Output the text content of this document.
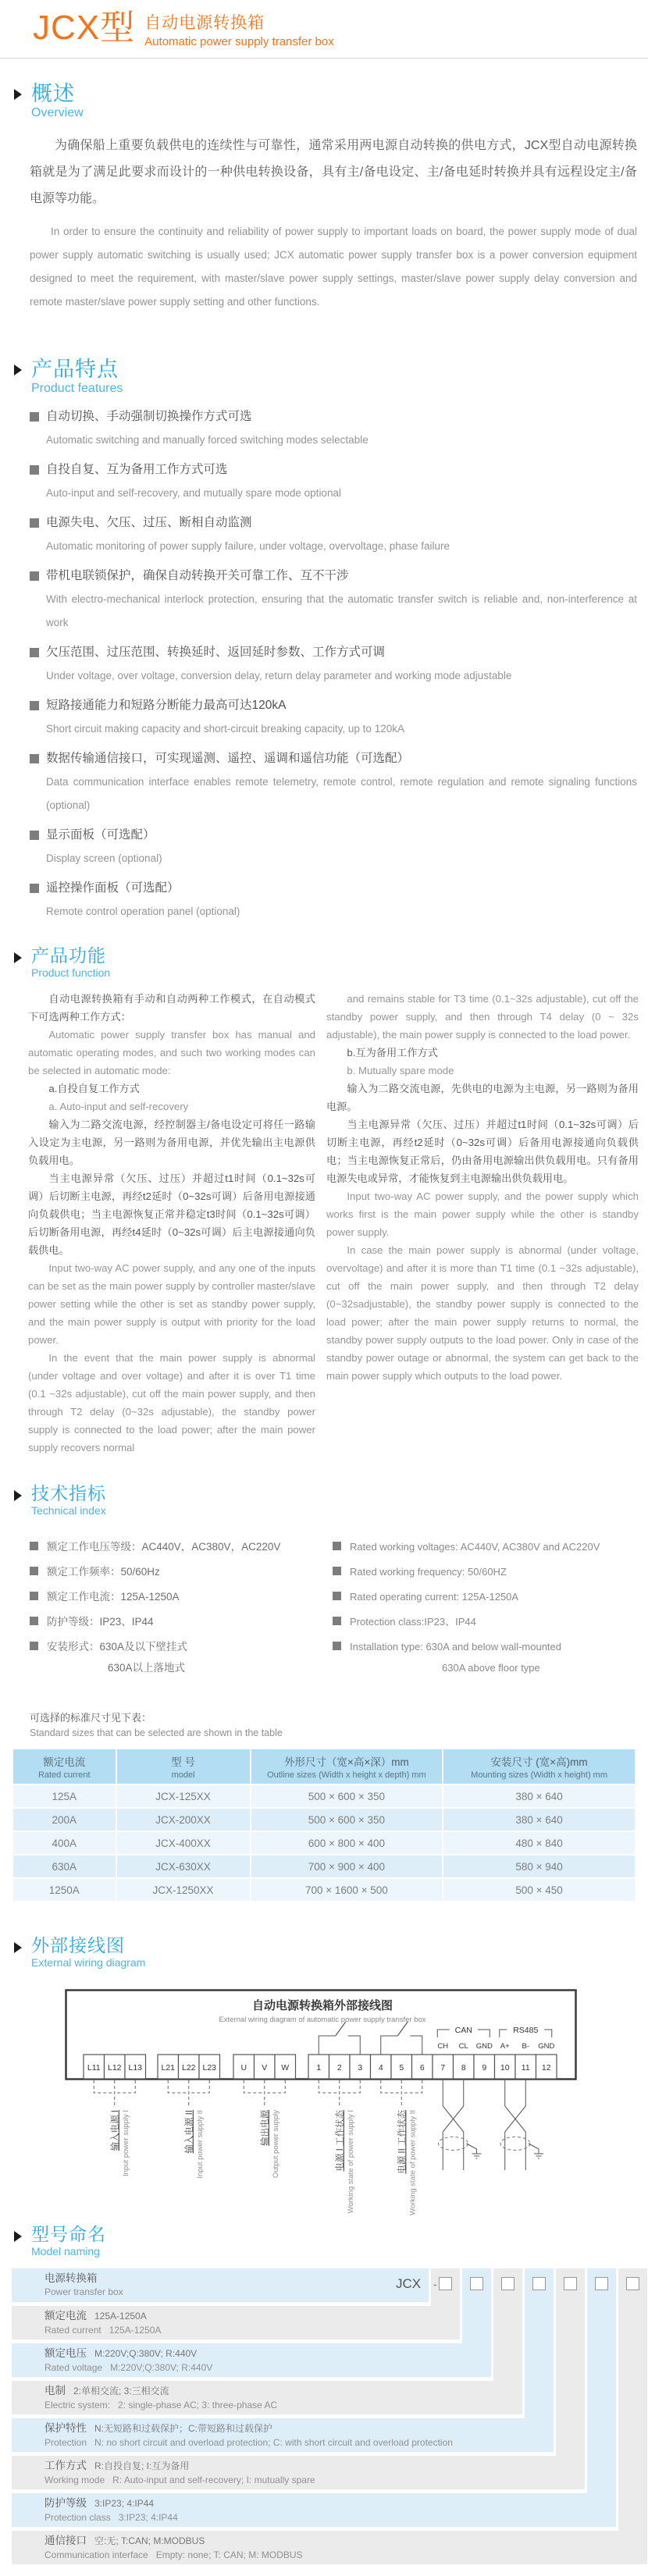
JCX型 自动电源转换箱
Automatic power supply transfer box
概述
Overview
为确保船上重要负载供电的连续性与可靠性，通常采用两电源自动转换的供电方式，JCX型自动电源转换箱就是为了满足此要求而设计的一种供电转换设备，具有主/备电设定、主/备电延时转换并具有远程设定主/备电源等功能。
In order to ensure the continuity and reliability of power supply to important loads on board, the power supply mode of dual power supply automatic switching is usually used; JCX automatic power supply transfer box is a power conversion equipment designed to meet the requirement, with master/slave power supply settings, master/slave power supply delay conversion and remote master/slave power supply setting and other functions.
产品特点
Product features
自动切换、手动强制切换操作方式可选
Automatic switching and manually forced switching modes selectable
自投自复、互为备用工作方式可选
Auto-input and self-recovery, and mutually spare mode optional
电源失电、欠压、过压、断相自动监测
Automatic monitoring of power supply failure, under voltage, overvoltage, phase failure
带机电联锁保护，确保自动转换开关可靠工作、互不干涉
With electro-mechanical interlock protection, ensuring that the automatic transfer switch is reliable and, non-interference at work
欠压范围、过压范围、转换延时、返回延时参数、工作方式可调
Under voltage, over voltage, conversion delay, return delay parameter and working mode adjustable
短路接通能力和短路分断能力最高可达120kA
Short circuit making capacity and short-circuit breaking capacity, up to 120kA
数据传输通信接口，可实现遥测、遥控、遥调和遥信功能（可选配）
Data communication interface enables remote telemetry, remote control, remote regulation and remote signaling functions (optional)
显示面板（可选配）
Display screen (optional)
遥控操作面板（可选配）
Remote control operation panel (optional)
产品功能
Product function

自动电源转换箱有手动和自动两种工作模式，在自动模式下可选两种工作方式：

Automatic power supply transfer box has manual and automatic operating modes, and such two working modes can be selected in automatic mode:

a.自投自复工作方式

a. Auto-input and self-recovery

输入为二路交流电源，经控制器主/备电设定可将任一路输入设定为主电源，另一路则为备用电源，并优先输出主电源供负载用电。

当主电源异常（欠压、过压）并超过t1时间（0.1~32s可调）后切断主电源，再经t2延时（0~32s可调）后备用电源接通向负载供电；当主电源恢复正常并稳定t3时间（0.1~32s可调）后切断备用电源，再经t4延时（0~32s可调）后主电源接通向负载供电。

Input two-way AC power supply, and any one of the inputs can be set as the main power supply by controller master/slave power setting while the other is set as standby power supply, and the main power supply is output with priority for the load power.

In the event that the main power supply is abnormal (under voltage and over voltage) and after it is over T1 time (0.1 ~32s adjustable), cut off the main power supply, and then through T2 delay (0~32s adjustable), the standby power supply is connected to the load power; after the main power supply recovers normal

and remains stable for T3 time (0.1~32s adjustable), cut off the standby power supply, and then through T4 delay (0 ~ 32s adjustable), the main power supply is connected to the load power.

b.互为备用工作方式

b. Mutually spare mode

输入为二路交流电源，先供电的电源为主电源，另一路则为备用电源。

当主电源异常（欠压、过压）并超过t1时间（0.1~32s可调）后切断主电源，再经t2延时（0~32s可调）后备用电源接通向负载供电；当主电源恢复正常后，仍由备用电源输出供负载用电。只有备用电源失电或异常，才能恢复到主电源输出供负载用电。

Input two-way AC power supply, and the power supply which works first is the main power supply while the other is standby power supply.

In case the main power supply is abnormal (under voltage, overvoltage) and after it is more than T1 time (0.1 ~32s adjustable), cut off the main power supply, and then through T2 delay (0~32sadjustable), the standby power supply is connected to the load power; after the main power supply returns to normal, the standby power supply outputs to the load power. Only in case of the standby power outage or abnormal, the system can get back to the main power supply which outputs to the load power.

技术指标
Technical index
额定工作电压等级：AC440V，AC380V，AC220V
额定工作频率：50/60Hz
额定工作电流：125A-1250A
防护等级：IP23、IP44
安装形式：630A及以下壁挂式
630A以上落地式
Rated working voltages: AC440V, AC380V and AC220V
Rated working frequency: 50/60HZ
Rated operating current: 125A-1250A
Protection class:IP23、IP44
Installation type: 630A and below wall-mounted
630A above floor type
可选择的标准尺寸见下表：
Standard sizes that can be selected are shown in the table
额定电流
Rated current

型 号
model

外形尺寸（宽×高×深）mm
Outline sizes (Width x height x depth) mm

安装尺寸 (宽×高)mm
Mounting sizes (Width x height) mm

125A	JCX-125XX	500 × 600 × 350	380 × 640
200A	JCX-200XX	500 × 600 × 350	380 × 640
400A	JCX-400XX	600 × 800 × 400	480 × 840
630A	JCX-630XX	700 × 900 × 400	580 × 940
1250A	JCX-1250XX	700 × 1600 × 500	500 × 450
外部接线图
External wiring diagram
自动电源转换箱外部接线图
External wiring diagram of automatic power supply transfer box
L11 L12 L13
输入电源 I Input power supply I
L21 L22 L23
输入电源 II Input power supply II
U V W
输出电源 Output power supply
1 2 3
电源 I 工作状态 Working state of power supply I
4 5 6
电源 II 工作状态 Working state of power supply II
7 8 9
CH CL GND
CAN
10 11 12
A+ B- GND
RS485
型号命名
Model naming
电源转换箱
Power transfer box
额定电流 125A-1250A
Rated current 125A-1250A
额定电压 M:220V;Q:380V; R:440V
Rated voltage M:220V;Q:380V; R:440V
电制 2:单相交流; 3:三相交流
Electric system: 2: single-phase AC; 3: three-phase AC
保护特性 N:无短路和过载保护；C:带短路和过载保护
Protection N: no short circuit and overload protection; C: with short circuit and overload protection
工作方式 R:自投自复; I:互为备用
Working mode R: Auto-input and self-recovery; I: mutually spare
防护等级 3:IP23; 4:IP44
Protection class 3:IP23; 4:IP44
通信接口 空:无; T:CAN; M:MODBUS
Communication interface Empty: none; T: CAN; M: MODBUS
JCX -
